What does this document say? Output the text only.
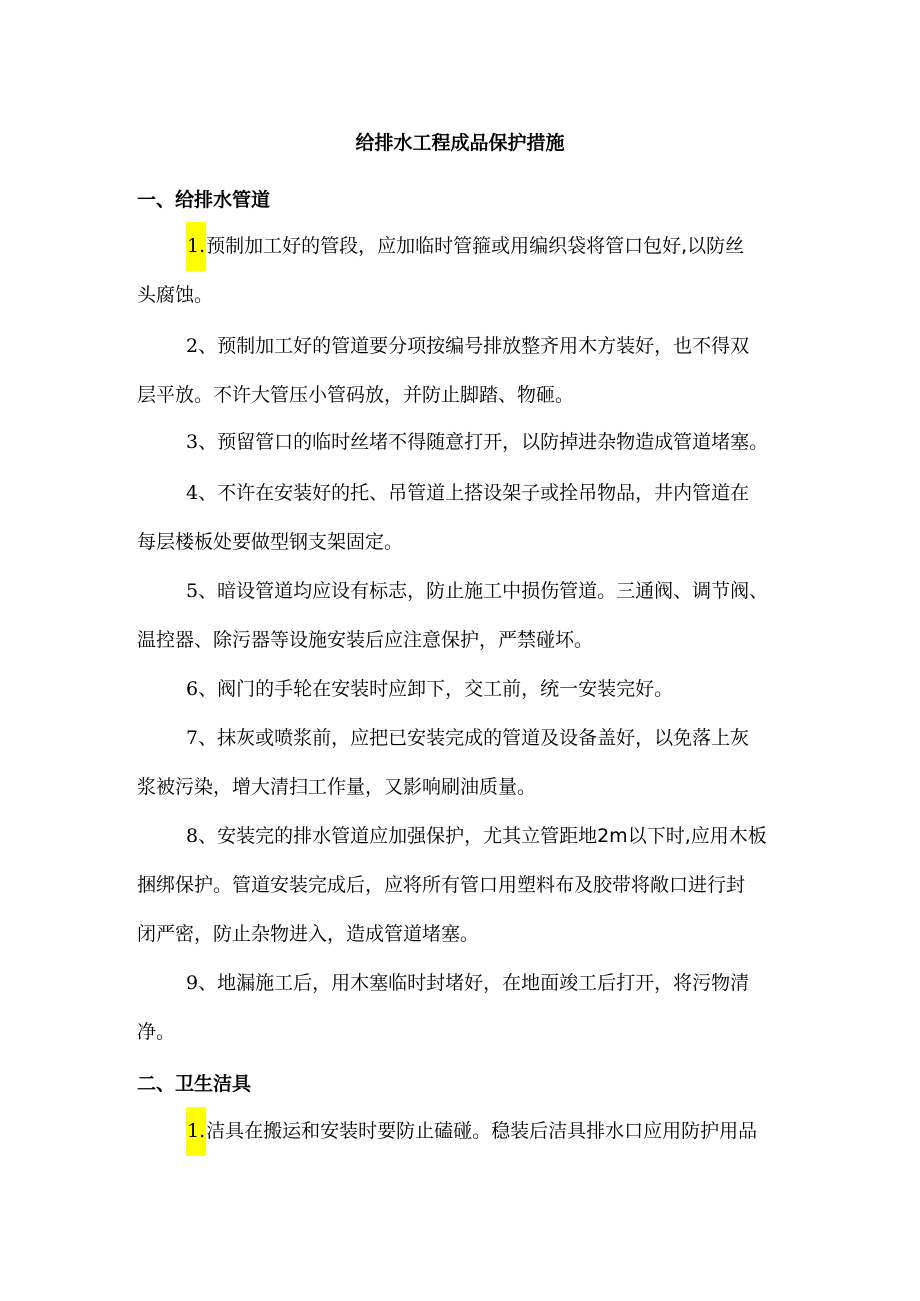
给排水工程成品保护措施
一、给排水管道
1.预制加工好的管段，应加临时管箍或用编织袋将管口包好,以防丝
头腐蚀。
2、预制加工好的管道要分项按编号排放整齐用木方装好，也不得双
层平放。不许大管压小管码放，并防止脚踏、物砸。
3、预留管口的临时丝堵不得随意打开，以防掉进杂物造成管道堵塞。
4、不许在安装好的托、吊管道上搭设架子或拴吊物品，井内管道在
每层楼板处要做型钢支架固定。
5、暗设管道均应设有标志，防止施工中损伤管道。三通阀、调节阀、
温控器、除污器等设施安装后应注意保护，严禁碰坏。
6、阀门的手轮在安装时应卸下，交工前，统一安装完好。
7、抹灰或喷浆前，应把已安装完成的管道及设备盖好，以免落上灰
浆被污染，增大清扫工作量，又影响刷油质量。
8、安装完的排水管道应加强保护，尤其立管距地2m以下时,应用木板
捆绑保护。管道安装完成后，应将所有管口用塑料布及胶带将敞口进行封
闭严密，防止杂物进入，造成管道堵塞。
9、地漏施工后，用木塞临时封堵好，在地面竣工后打开，将污物清
净。
二、卫生洁具
1.洁具在搬运和安装时要防止磕碰。稳装后洁具排水口应用防护用品
